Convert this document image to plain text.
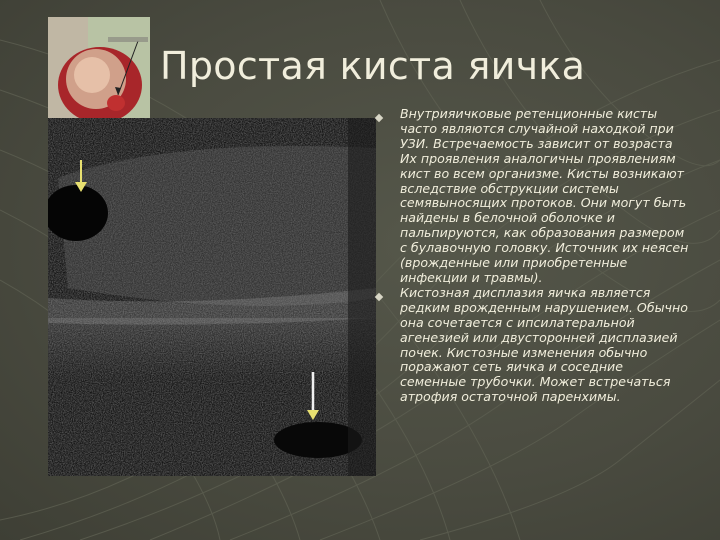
Простая киста яичка
Внутрияичковые ретенционные кисты часто являются случайной находкой при УЗИ. Встречаемость зависит от возраста Их проявления аналогичны проявлениям кист во всем организме. Кисты возникают вследствие обструкции системы семявыносящих протоков. Они могут быть найдены в белочной оболочке и пальпируются, как образования размером с булавочную головку. Источник их неясен (врожденные или приобретенные инфекции и травмы).
Кистозная дисплазия яичка является редким врожденным нарушением. Обычно она сочетается с ипсилатеральной агенезией или двусторонней дисплазией почек. Кистозные изменения обычно поражают сеть яичка и соседние семенные трубочки. Может встречаться атрофия остаточной паренхимы.
